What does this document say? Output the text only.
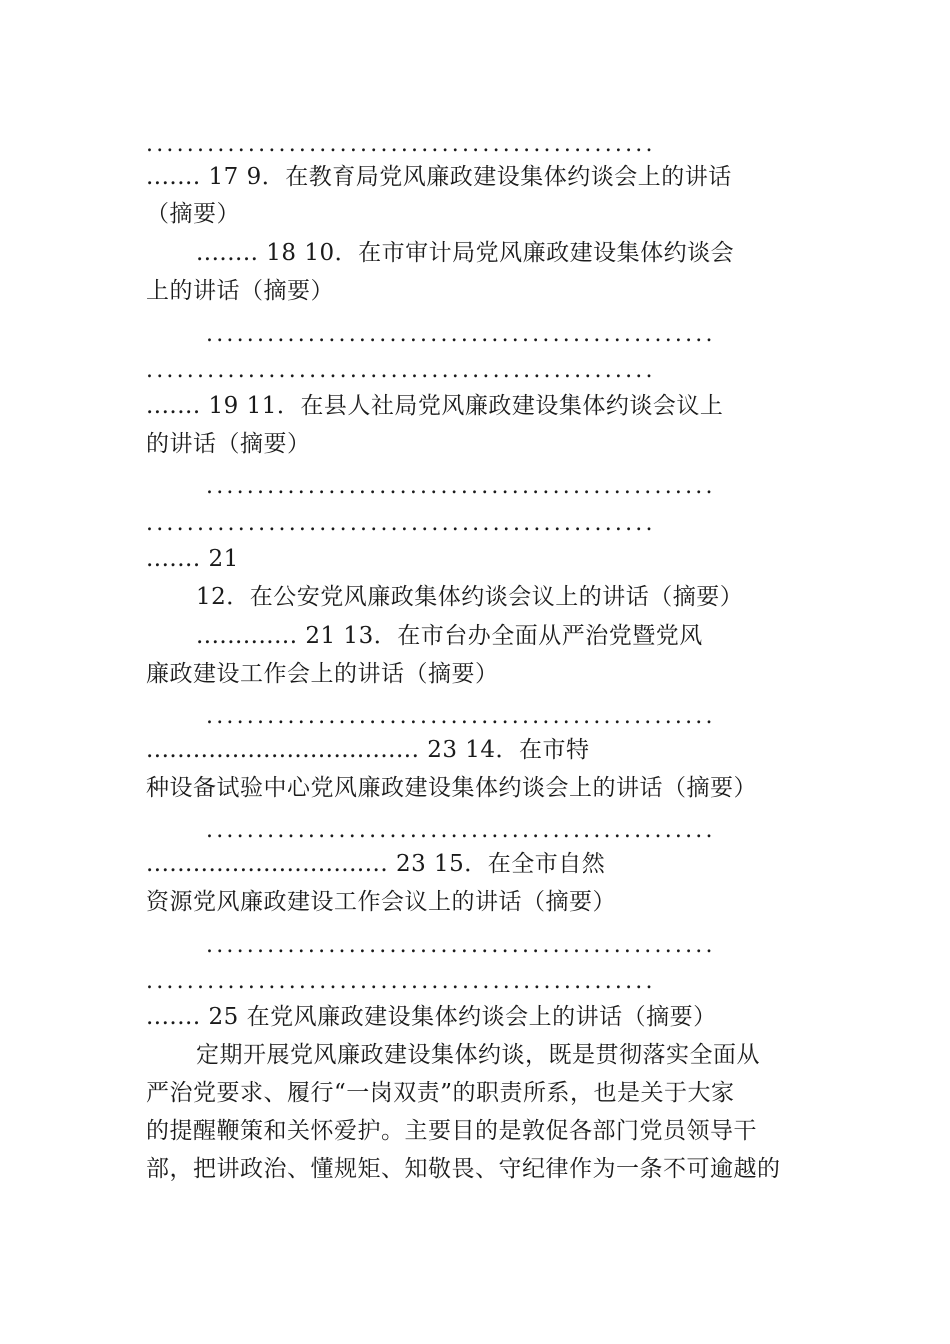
..................................................
....... 17 9．在教育局党风廉政建设集体约谈会上的讲话
（摘要）
........ 18 10．在市审计局党风廉政建设集体约谈会
上的讲话（摘要）
..................................................
..................................................
....... 19 11．在县人社局党风廉政建设集体约谈会议上
的讲话（摘要）
..................................................
..................................................
....... 21
12．在公安党风廉政集体约谈会议上的讲话（摘要）
............. 21 13．在市台办全面从严治党暨党风
廉政建设工作会上的讲话（摘要）
..................................................
................................... 23 14．在市特
种设备试验中心党风廉政建设集体约谈会上的讲话（摘要）
..................................................
............................... 23 15．在全市自然
资源党风廉政建设工作会议上的讲话（摘要）
..................................................
..................................................
....... 25 在党风廉政建设集体约谈会上的讲话（摘要）
定期开展党风廉政建设集体约谈，既是贯彻落实全面从
严治党要求、履行“一岗双责”的职责所系，也是关于大家
的提醒鞭策和关怀爱护。主要目的是敦促各部门党员领导干
部，把讲政治、懂规矩、知敬畏、守纪律作为一条不可逾越的
